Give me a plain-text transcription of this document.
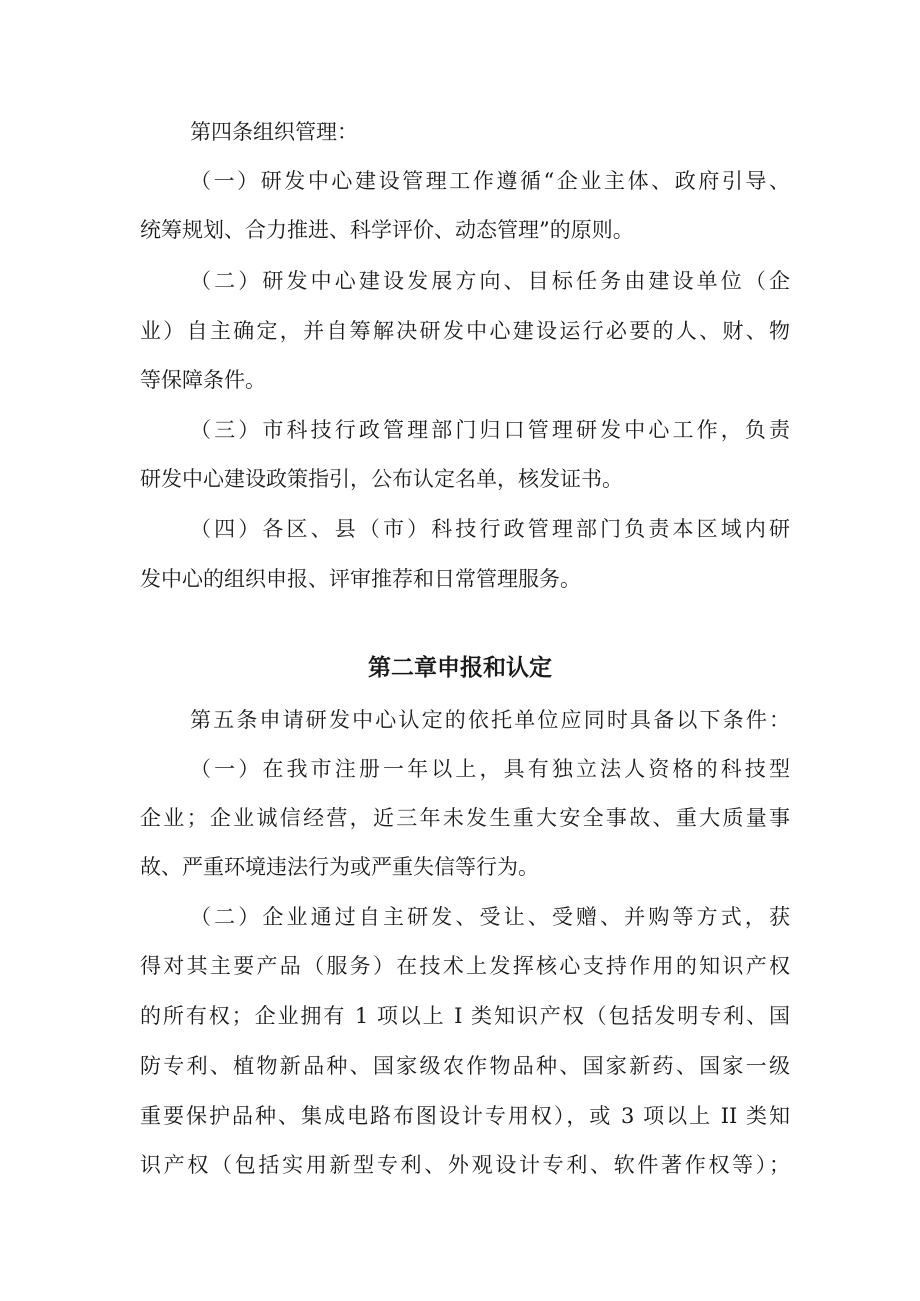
第四条组织管理：
（一）研发中心建设管理工作遵循“企业主体、政府引导、
统筹规划、合力推进、科学评价、动态管理”的原则。
（二）研发中心建设发展方向、目标任务由建设单位（企
业）自主确定，并自筹解决研发中心建设运行必要的人、财、物
等保障条件。
（三）市科技行政管理部门归口管理研发中心工作，负责
研发中心建设政策指引，公布认定名单，核发证书。
（四）各区、县（市）科技行政管理部门负责本区域内研
发中心的组织申报、评审推荐和日常管理服务。
第二章申报和认定
第五条申请研发中心认定的依托单位应同时具备以下条件：
（一）在我市注册一年以上，具有独立法人资格的科技型
企业；企业诚信经营，近三年未发生重大安全事故、重大质量事
故、严重环境违法行为或严重失信等行为。
（二）企业通过自主研发、受让、受赠、并购等方式，获
得对其主要产品（服务）在技术上发挥核心支持作用的知识产权
的所有权；企业拥有 1 项以上 I 类知识产权（包括发明专利、国
防专利、植物新品种、国家级农作物品种、国家新药、国家一级
重要保护品种、集成电路布图设计专用权），或 3 项以上 II 类知
识产权（包括实用新型专利、外观设计专利、软件著作权等）；
